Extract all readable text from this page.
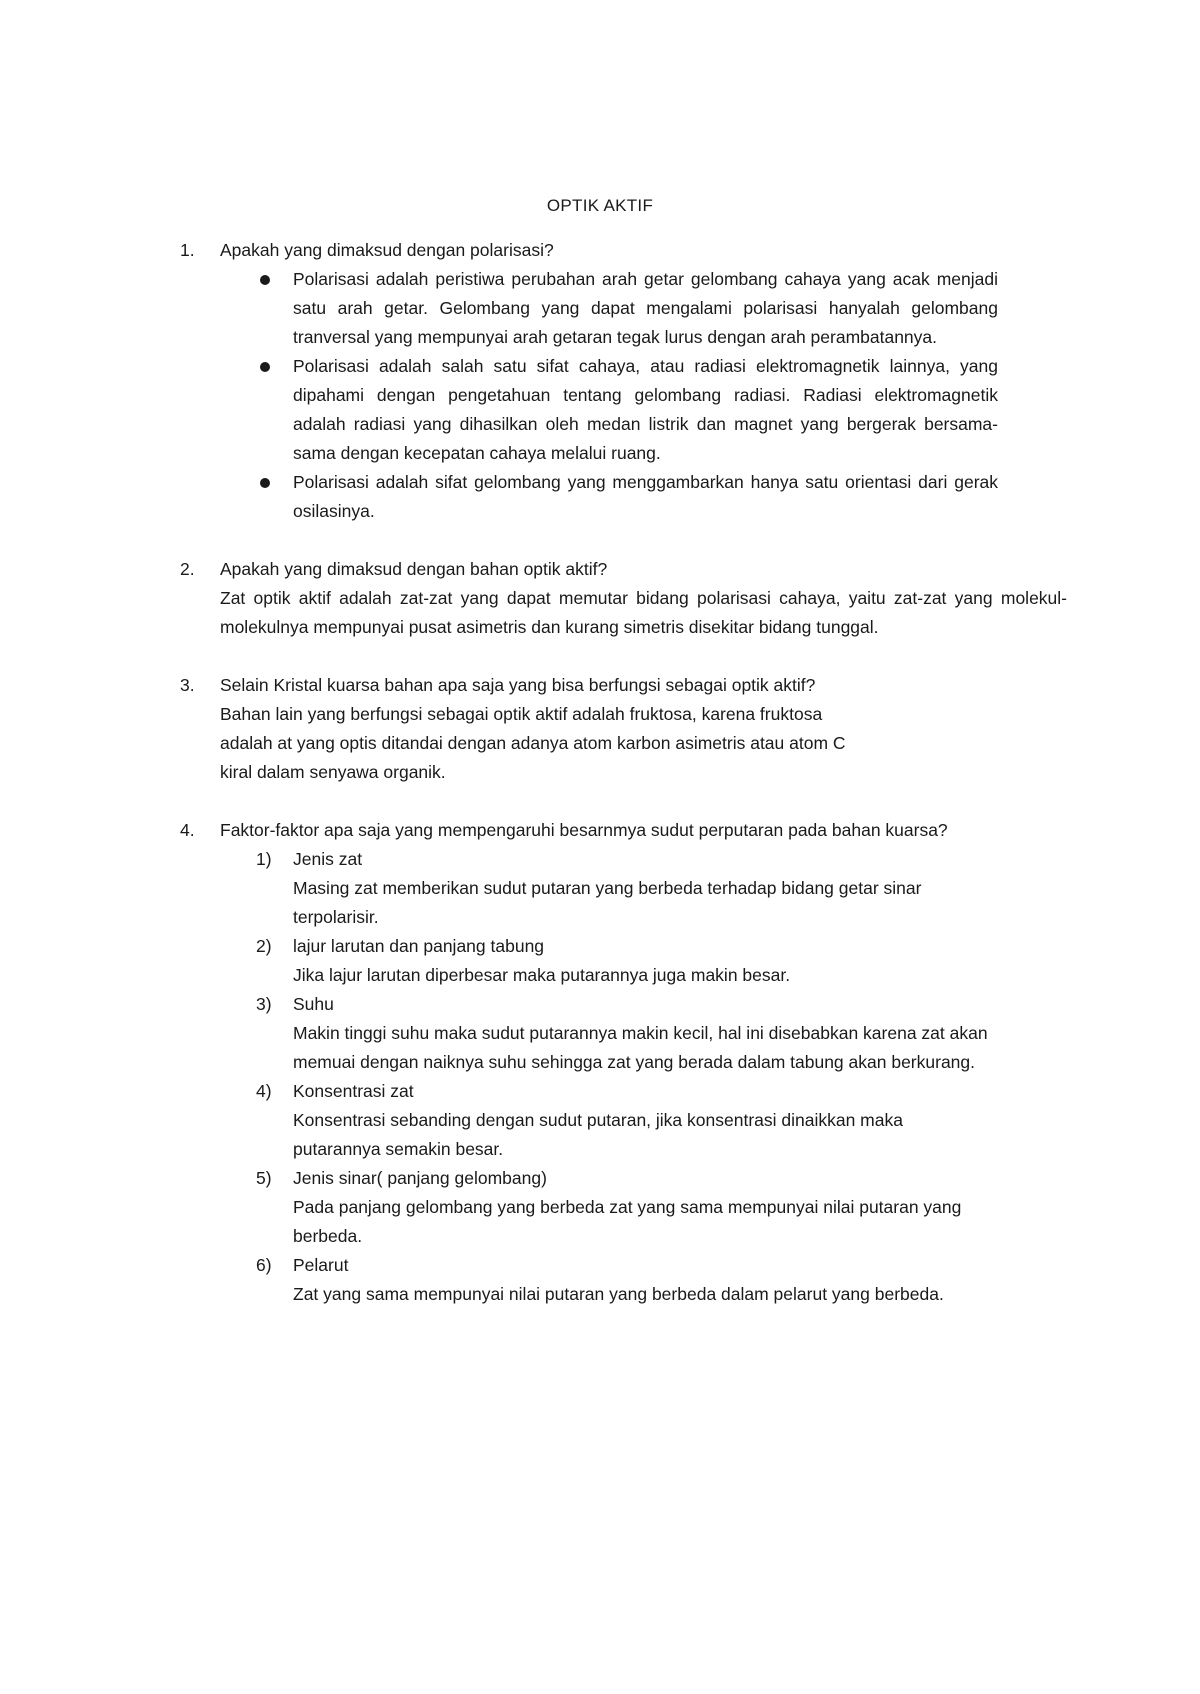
OPTIK AKTIF
1.	Apakah yang dimaksud dengan polarisasi?

Polarisasi adalah peristiwa perubahan arah getar gelombang cahaya yang acak menjadi satu arah getar. Gelombang yang dapat mengalami polarisasi hanyalah gelombang tranversal yang mempunyai arah getaran tegak lurus dengan arah perambatannya.
Polarisasi adalah salah satu sifat cahaya, atau radiasi elektromagnetik lainnya, yang dipahami dengan pengetahuan tentang gelombang radiasi. Radiasi elektromagnetik adalah radiasi yang dihasilkan oleh medan listrik dan magnet yang bergerak bersama-sama dengan kecepatan cahaya melalui ruang.
Polarisasi adalah sifat gelombang yang menggambarkan hanya satu orientasi dari gerak osilasinya.
2.	Apakah yang dimaksud dengan bahan optik aktif?

Zat optik aktif adalah zat-zat yang dapat memutar bidang polarisasi cahaya, yaitu zat-zat yang molekul-molekulnya mempunyai pusat asimetris dan kurang simetris disekitar bidang tunggal.

3.	Selain Kristal kuarsa bahan apa saja yang bisa berfungsi sebagai optik aktif?

Bahan lain yang berfungsi sebagai optik aktif adalah fruktosa, karena fruktosa adalah at yang optis ditandai dengan adanya atom karbon asimetris atau atom C kiral dalam senyawa organik.

4.	Faktor-faktor apa saja yang mempengaruhi besarnmya sudut perputaran pada bahan kuarsa?

1)	Jenis zat
Masing zat memberikan sudut putaran yang berbeda terhadap bidang getar sinar terpolarisir.
2)	lajur larutan dan panjang tabung
Jika lajur larutan diperbesar maka putarannya juga makin besar.
3)	Suhu
Makin tinggi suhu maka sudut putarannya makin kecil, hal ini disebabkan karena zat akan memuai dengan naiknya suhu sehingga zat yang berada dalam tabung akan berkurang.
4)	Konsentrasi zat
Konsentrasi sebanding dengan sudut putaran, jika konsentrasi dinaikkan maka putarannya semakin besar.
5)	Jenis sinar( panjang gelombang)
Pada panjang gelombang yang berbeda zat yang sama mempunyai nilai putaran yang berbeda.
6)	Pelarut
Zat yang sama mempunyai nilai putaran yang berbeda dalam pelarut yang berbeda.
